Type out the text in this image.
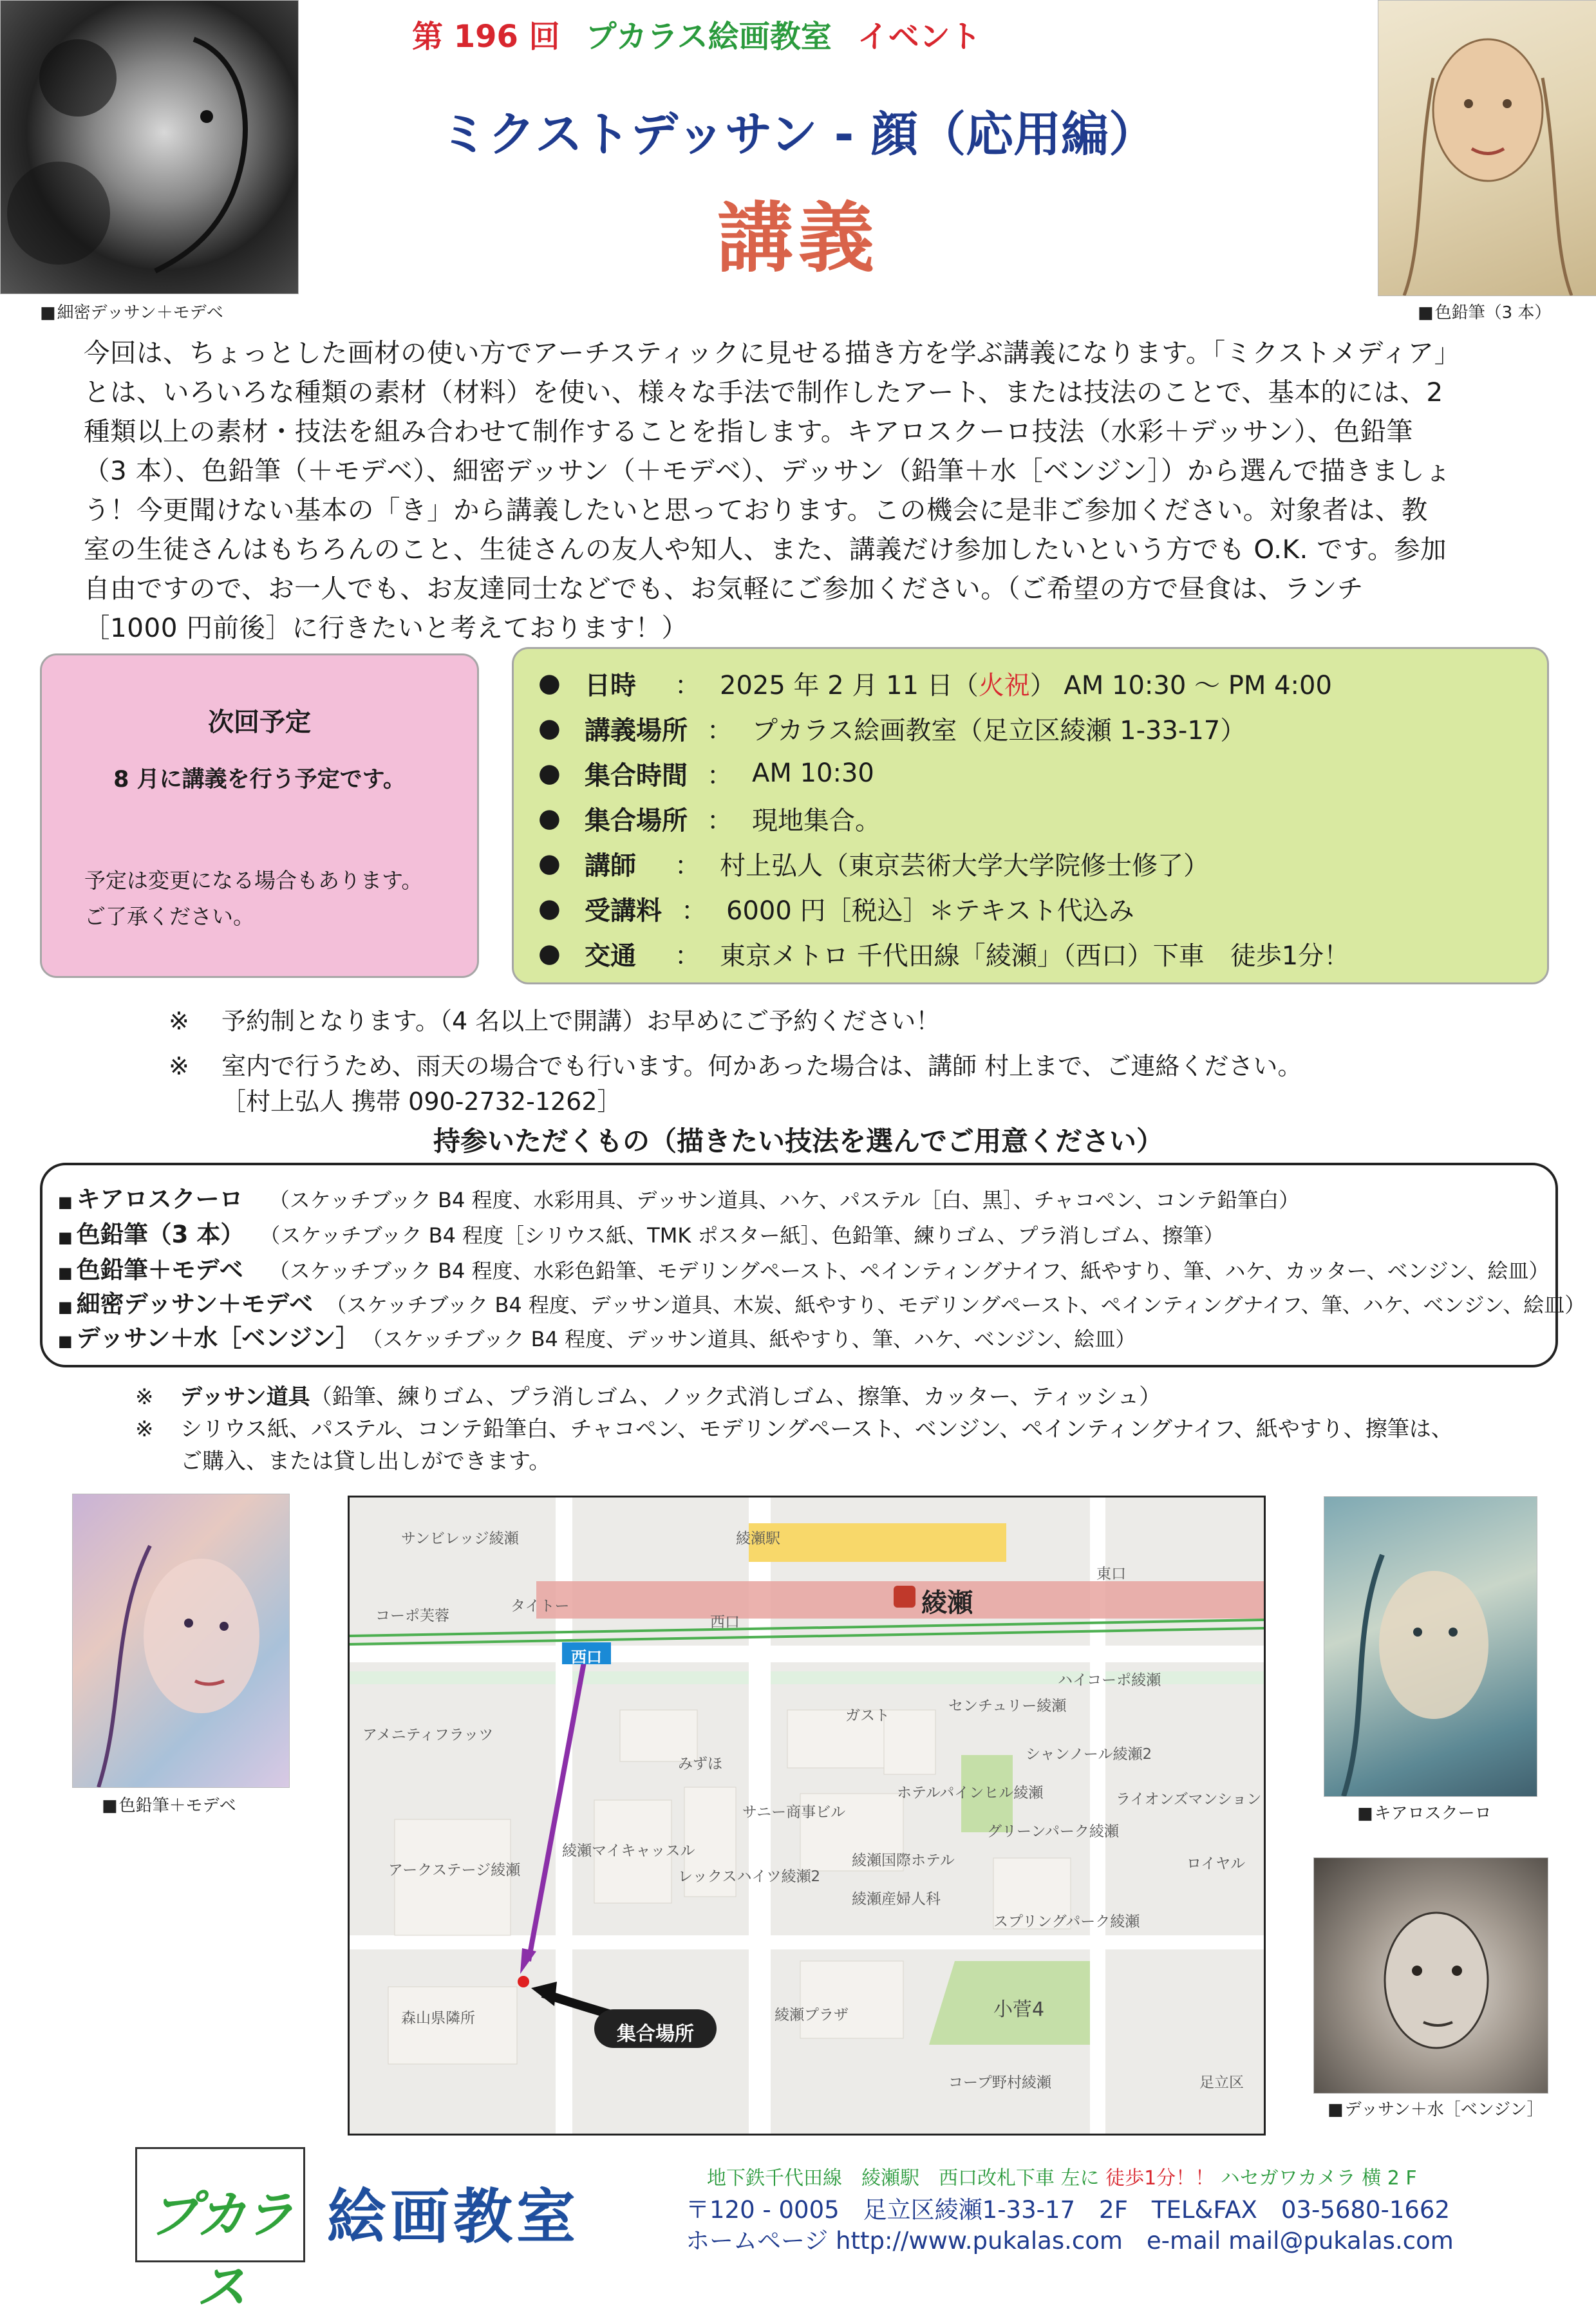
第 196 回 プカラス絵画教室 イベント
ミクストデッサン - 顔（応用編）
講義
■ 細密デッサン＋モデベ	■ 色鉛筆（3 本）
今回は、ちょっとした画材の使い方でアーチスティックに見せる描き方を学ぶ講義になります。「ミクストメディア」
とは、いろいろな種類の素材（材料）を使い、様々な手法で制作したアート、または技法のことで、基本的には、2
種類以上の素材・技法を組み合わせて制作することを指します。キアロスクーロ技法（水彩＋デッサン）、色鉛筆
（3 本）、色鉛筆（＋モデベ）、細密デッサン（＋モデベ）、デッサン（鉛筆＋水［ベンジン］）から選んで描きましょ
う！今更聞けない基本の「き」から講義したいと思っております。この機会に是非ご参加ください。対象者は、教
室の生徒さんはもちろんのこと、生徒さんの友人や知人、また、講義だけ参加したいという方でも O.K. です。参加
自由ですので、お一人でも、お友達同士などでも、お気軽にご参加ください。（ご希望の方で昼食は、ランチ
［1000 円前後］に行きたいと考えております！）
次回予定
8 月に講義を行う予定です。
予定は変更になる場合もあります。
ご了承ください。
● 日時	： 2025 年 2 月 11 日（ 火祝 ） AM 10:30 ～ PM 4:00
● 講義場所 ： プカラス絵画教室（足立区綾瀬 1-33-17）
● 集合時間 ： AM 10:30
● 集合場所 ： 現地集合。
● 講師	： 村上弘人（東京芸術大学大学院修士修了）
● 受講料 ： 6000 円［税込］＊テキスト代込み
● 交通	： 東京メトロ 千代田線「綾瀬」（西口）下車　徒歩1分！
※ 予約制となります。（4 名以上で開講）お早めにご予約ください！
※ 室内で行うため、雨天の場合でも行います。何かあった場合は、講師 村上まで、ご連絡ください。
［村上弘人 携帯 090-2732-1262］
持参いただくもの（描きたい技法を選んでご用意ください）
■ キアロスクーロ （スケッチブック B4 程度、水彩用具、デッサン道具、ハケ、パステル［白、黒］、チャコペン、コンテ鉛筆白）
■ 色鉛筆（3 本） （スケッチブック B4 程度［シリウス紙、TMK ポスター紙］、色鉛筆、練りゴム、プラ消しゴム、擦筆）
■ 色鉛筆＋モデベ （スケッチブック B4 程度、水彩色鉛筆、モデリングペースト、ペインティングナイフ、紙やすり、筆、ハケ、カッター、ベンジン、絵皿）
■ 細密デッサン＋モデベ （スケッチブック B4 程度、デッサン道具、木炭、紙やすり、モデリングペースト、ペインティングナイフ、筆、ハケ、ベンジン、絵皿）
■ デッサン＋水［ベンジン］ （スケッチブック B4 程度、デッサン道具、紙やすり、筆、ハケ、ベンジン、絵皿）
※ デッサン道具（鉛筆、練りゴム、プラ消しゴム、ノック式消しゴム、擦筆、カッター、ティッシュ）
※ シリウス紙、パステル、コンテ鉛筆白、チャコペン、モデリングペースト、ベンジン、ペインティングナイフ、紙やすり、擦筆は、
ご購入、または貸し出しができます。
■ 色鉛筆＋モデベ	■ キアロスクーロ
■ デッサン＋水［ベンジン］
西口
綾瀬
集合場所
サンビレッジ綾瀬	綾瀬駅
コーポ芙蓉
タイトー
西口
東口
アメニティフラッツ
ガスト
センチュリー綾瀬
ハイコーポ綾瀬
みずほ
ホテルパインヒル綾瀬
シャンノール綾瀬2
ライオンズマンション
サニー商事ビル
綾瀬国際ホテル
グリーンパーク綾瀬
ロイヤル
アークステージ綾瀬
綾瀬マイキャッスル
レックスハイツ綾瀬2
綾瀬産婦人科
スプリングパーク綾瀬
小菅4
森山県隣所	綾瀬プラザ
コープ野村綾瀬	足立区
プカラス
絵画教室
地下鉄千代田線　綾瀬駅　西口改札下車 左に 徒歩1分！！ ハセガワカメラ 横 2 F
〒120 - 0005　足立区綾瀬1-33-17　2F　TEL&FAX　03-5680-1662
ホームページ http://www.pukalas.com　e-mail mail@pukalas.com
